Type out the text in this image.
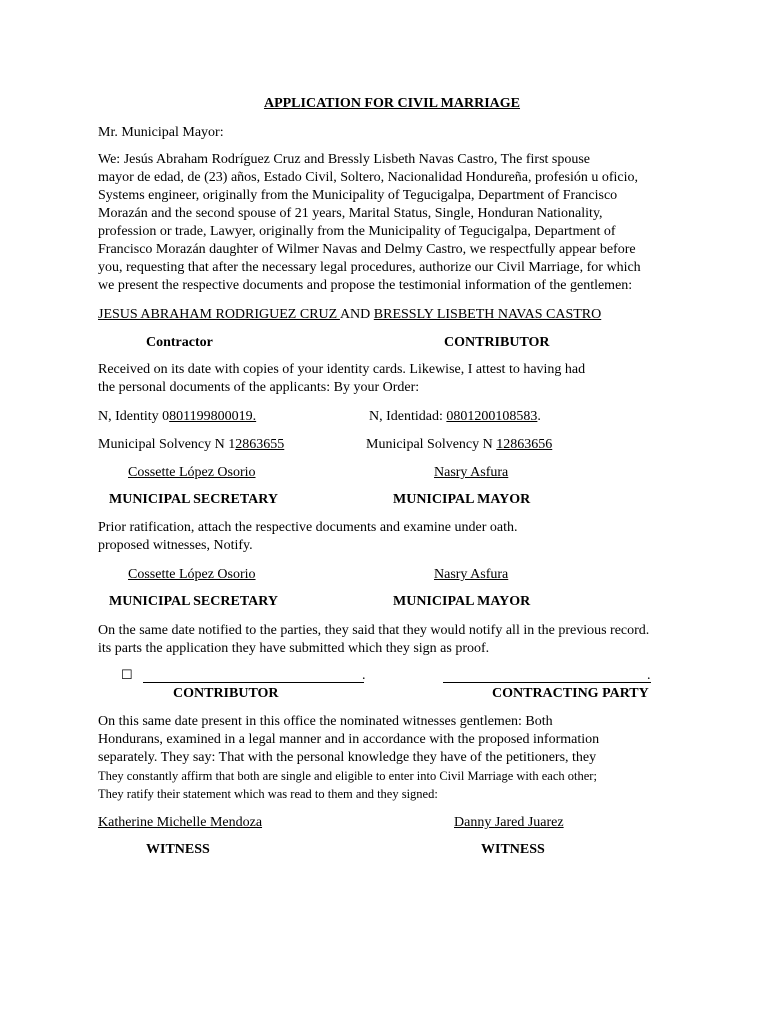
APPLICATION FOR CIVIL MARRIAGE
Mr. Municipal Mayor:
We: Jesús Abraham Rodríguez Cruz and Bressly Lisbeth Navas Castro, The first spouse
mayor de edad, de (23) años, Estado Civil, Soltero, Nacionalidad Hondureña, profesión u oficio,
Systems engineer, originally from the Municipality of Tegucigalpa, Department of Francisco
Morazán and the second spouse of 21 years, Marital Status, Single, Honduran Nationality,
profession or trade, Lawyer, originally from the Municipality of Tegucigalpa, Department of
Francisco Morazán daughter of Wilmer Navas and Delmy Castro, we respectfully appear before
you, requesting that after the necessary legal procedures, authorize our Civil Marriage, for which
we present the respective documents and propose the testimonial information of the gentlemen:
JESUS ABRAHAM RODRIGUEZ CRUZ AND BRESSLY LISBETH NAVAS CASTRO
Contractor	CONTRIBUTOR
Received on its date with copies of your identity cards. Likewise, I attest to having had
the personal documents of the applicants: By your Order:
N, Identity 0801199800019.	N, Identidad: 0801200108583.
Municipal Solvency N 12863655	Municipal Solvency N 12863656
Cossette López Osorio	Nasry Asfura
MUNICIPAL SECRETARY	MUNICIPAL MAYOR
Prior ratification, attach the respective documents and examine under oath.
proposed witnesses, Notify.
Cossette López Osorio	Nasry Asfura
MUNICIPAL SECRETARY	MUNICIPAL MAYOR
On the same date notified to the parties, they said that they would notify all in the previous record.
its parts the application they have submitted which they sign as proof.
☐	.	.
CONTRIBUTOR	CONTRACTING PARTY
On this same date present in this office the nominated witnesses gentlemen: Both
Hondurans, examined in a legal manner and in accordance with the proposed information
separately. They say: That with the personal knowledge they have of the petitioners, they
They constantly affirm that both are single and eligible to enter into Civil Marriage with each other;
They ratify their statement which was read to them and they signed:
Katherine Michelle Mendoza	Danny Jared Juarez
WITNESS	WITNESS
